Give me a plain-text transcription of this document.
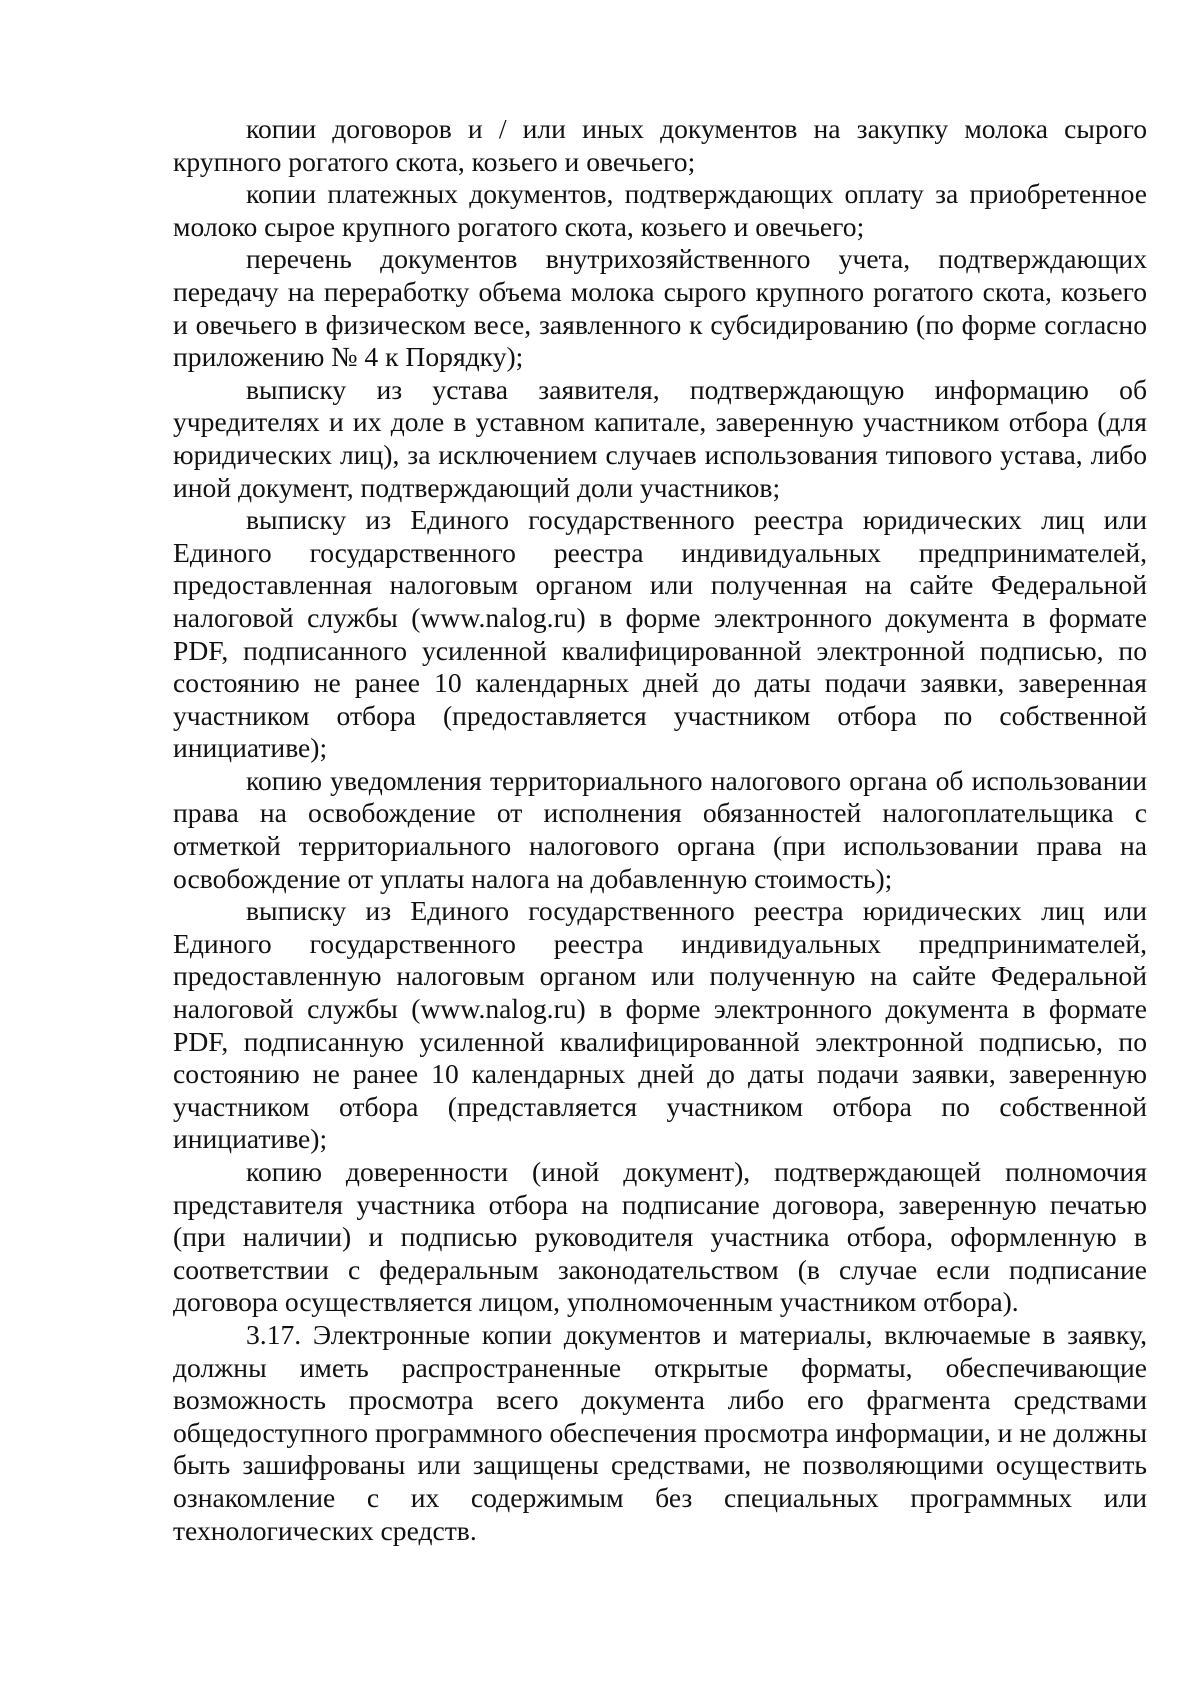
копии договоров и / или иных документов на закупку молока сырого крупного рогатого скота, козьего и овечьего;

копии платежных документов, подтверждающих оплату за приобретенное молоко сырое крупного рогатого скота, козьего и овечьего;

перечень документов внутрихозяйственного учета, подтверждающих передачу на переработку объема молока сырого крупного рогатого скота, козьего и овечьего в физическом весе, заявленного к субсидированию (по форме согласно приложению № 4 к Порядку);

выписку из устава заявителя, подтверждающую информацию об учредителях и их доле в уставном капитале, заверенную участником отбора (для юридических лиц), за исключением случаев использования типового устава, либо иной документ, подтверждающий доли участников;

выписку из Единого государственного реестра юридических лиц или Единого государственного реестра индивидуальных предпринимателей, предоставленная налоговым органом или полученная на сайте Федеральной налоговой службы (www.nalog.ru) в форме электронного документа в формате PDF, подписанного усиленной квалифицированной электронной подписью, по состоянию не ранее 10 календарных дней до даты подачи заявки, заверенная участником отбора (предоставляется участником отбора по собственной инициативе);

копию уведомления территориального налогового органа об использовании права на освобождение от исполнения обязанностей налогоплательщика с отметкой территориального налогового органа (при использовании права на освобождение от уплаты налога на добавленную стоимость);

выписку из Единого государственного реестра юридических лиц или Единого государственного реестра индивидуальных предпринимателей, предоставленную налоговым органом или полученную на сайте Федеральной налоговой службы (www.nalog.ru) в форме электронного документа в формате PDF, подписанную усиленной квалифицированной электронной подписью, по состоянию не ранее 10 календарных дней до даты подачи заявки, заверенную участником отбора (представляется участником отбора по собственной инициативе);

копию доверенности (иной документ), подтверждающей полномочия представителя участника отбора на подписание договора, заверенную печатью (при наличии) и подписью руководителя участника отбора, оформленную в соответствии с федеральным законодательством (в случае если подписание договора осуществляется лицом, уполномоченным участником отбора).

3.17. Электронные копии документов и материалы, включаемые в заявку, должны иметь распространенные открытые форматы, обеспечивающие возможность просмотра всего документа либо его фрагмента средствами общедоступного программного обеспечения просмотра информации, и не должны быть зашифрованы или защищены средствами, не позволяющими осуществить ознакомление с их содержимым без специальных программных или технологических средств.
